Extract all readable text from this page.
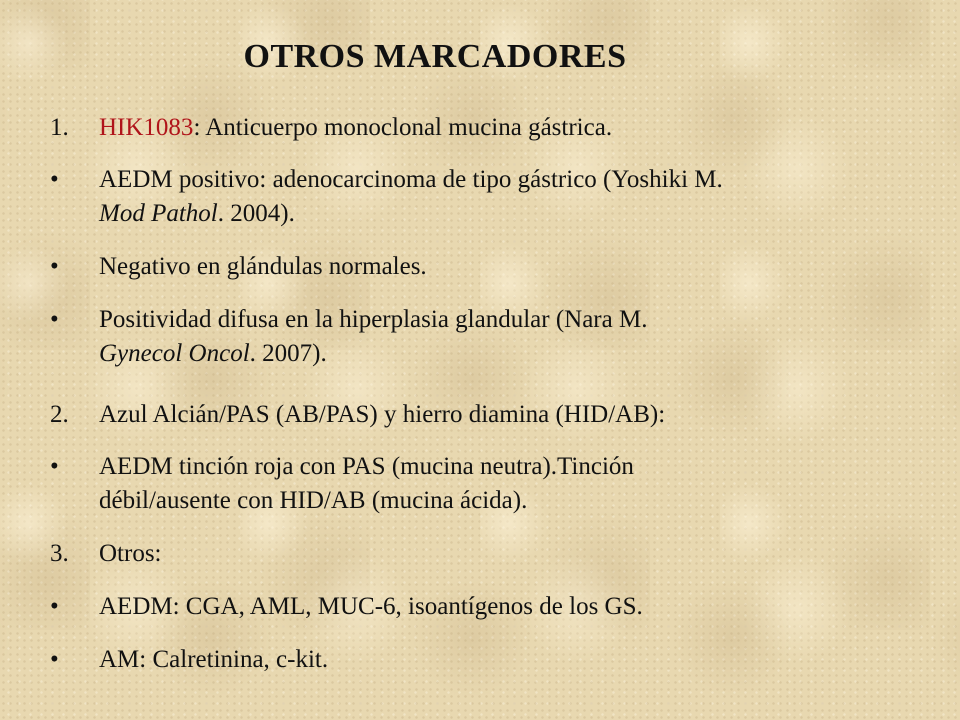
OTROS MARCADORES
1.	HIK1083: Anticuerpo monoclonal mucina gástrica.
•	AEDM positivo: adenocarcinoma de tipo gástrico (Yoshiki M.
Mod Pathol. 2004).
•	Negativo en glándulas normales.
•	Positividad difusa en la hiperplasia glandular (Nara M.
Gynecol Oncol. 2007).
2.	Azul Alcián/PAS (AB/PAS) y hierro diamina (HID/AB):
•	AEDM tinción roja con PAS (mucina neutra).Tinción
débil/ausente con HID/AB (mucina ácida).
3.	Otros:
•	AEDM: CGA, AML, MUC-6, isoantígenos de los GS.
•	AM: Calretinina, c-kit.
